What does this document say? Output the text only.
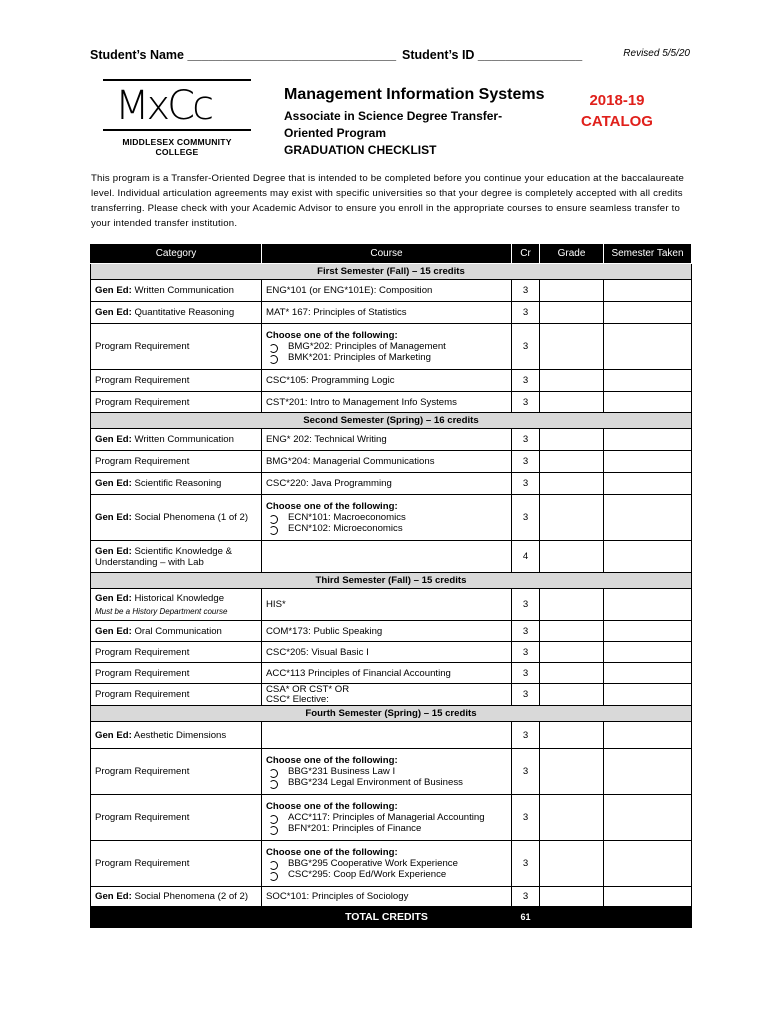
Student’s Name ______________________________ Student’s ID _______________	Revised 5/5/20
MxCc
MIDDLESEX COMMUNITY COLLEGE
Management Information Systems
Associate in Science Degree Transfer-Oriented Program
GRADUATION CHECKLIST
2018-19
CATALOG
This program is a Transfer-Oriented Degree that is intended to be completed before you continue your education at the baccalaureate level. Individual articulation agreements may exist with specific universities so that your degree is completely accepted with all credits transferring. Please check with your Academic Advisor to ensure you enroll in the appropriate courses to ensure seamless transfer to your intended transfer institution.
Category	Course	Cr	Grade	Semester Taken
First Semester (Fall) – 15 credits				
Gen Ed: Written Communication	ENG*101 (or ENG*101E): Composition	3		
Gen Ed: Quantitative Reasoning	MAT* 167: Principles of Statistics	3		
Program Requirement	Choose one of the following:
BMG*202: Principles of Management
BMK*201: Principles of Marketing	3		
Program Requirement	CSC*105: Programming Logic	3		
Program Requirement	CST*201: Intro to Management Info Systems	3		
Second Semester (Spring) – 16 credits				
Gen Ed: Written Communication	ENG* 202: Technical Writing	3		
Program Requirement	BMG*204: Managerial Communications	3		
Gen Ed: Scientific Reasoning	CSC*220: Java Programming	3		
Gen Ed: Social Phenomena (1 of 2)	Choose one of the following:
ECN*101: Macroeconomics
ECN*102: Microeconomics	3		
Gen Ed: Scientific Knowledge & Understanding – with Lab		4		
Third Semester (Fall) – 15 credits				
Gen Ed: Historical Knowledge
Must be a History Department course	HIS*	3		
Gen Ed: Oral Communication	COM*173: Public Speaking	3		
Program Requirement	CSC*205: Visual Basic I	3		
Program Requirement	ACC*113 Principles of Financial Accounting	3		
Program Requirement	CSA* OR CST* OR
CSC* Elective:	3		
Fourth Semester (Spring) – 15 credits				
Gen Ed: Aesthetic Dimensions		3		
Program Requirement	Choose one of the following:
BBG*231 Business Law I
BBG*234 Legal Environment of Business	3		
Program Requirement	Choose one of the following:
ACC*117: Principles of Managerial Accounting
BFN*201: Principles of Finance	3		
Program Requirement	Choose one of the following:
BBG*295 Cooperative Work Experience
CSC*295: Coop Ed/Work Experience	3		
Gen Ed: Social Phenomena (2 of 2)	SOC*101: Principles of Sociology	3		
	TOTAL CREDITS	61		
